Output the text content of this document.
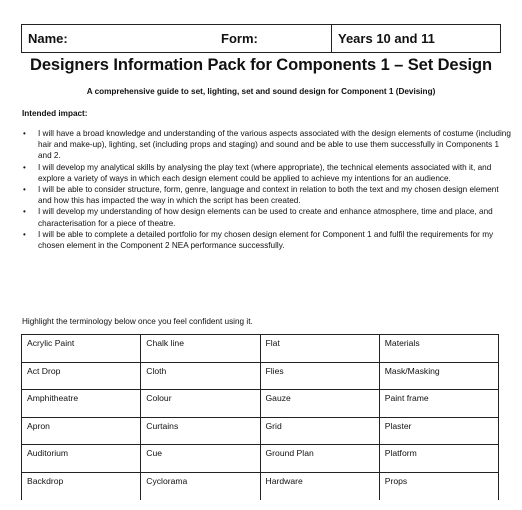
Name:	Form:	Years 10 and 11
Designers Information Pack for Components 1 – Set Design
A comprehensive guide to set, lighting, set and sound design for Component 1 (Devising)
Intended impact:
• I will have a broad knowledge and understanding of the various aspects associated with the design elements of costume (including hair and make-up), lighting, set (including props and staging) and sound and be able to use them successfully in Components 1 and 2.
• I will develop my analytical skills by analysing the play text (where appropriate), the technical elements associated with it, and explore a variety of ways in which each design element could be applied to achieve my intentions for an audience.
• I will be able to consider structure, form, genre, language and context in relation to both the text and my chosen design element and how this has impacted the way in which the script has been created.
• I will develop my understanding of how design elements can be used to create and enhance atmosphere, time and place, and characterisation for a piece of theatre.
• I will be able to complete a detailed portfolio for my chosen design element for Component 1 and fulfil the requirements for my chosen element in the Component 2 NEA performance successfully.
Highlight the terminology below once you feel confident using it.
Acrylic Paint	Chalk line	Flat	Materials
Act Drop	Cloth	Flies	Mask/Masking
Amphitheatre	Colour	Gauze	Paint frame
Apron	Curtains	Grid	Plaster
Auditorium	Cue	Ground Plan	Platform
Backdrop	Cyclorama	Hardware	Props
